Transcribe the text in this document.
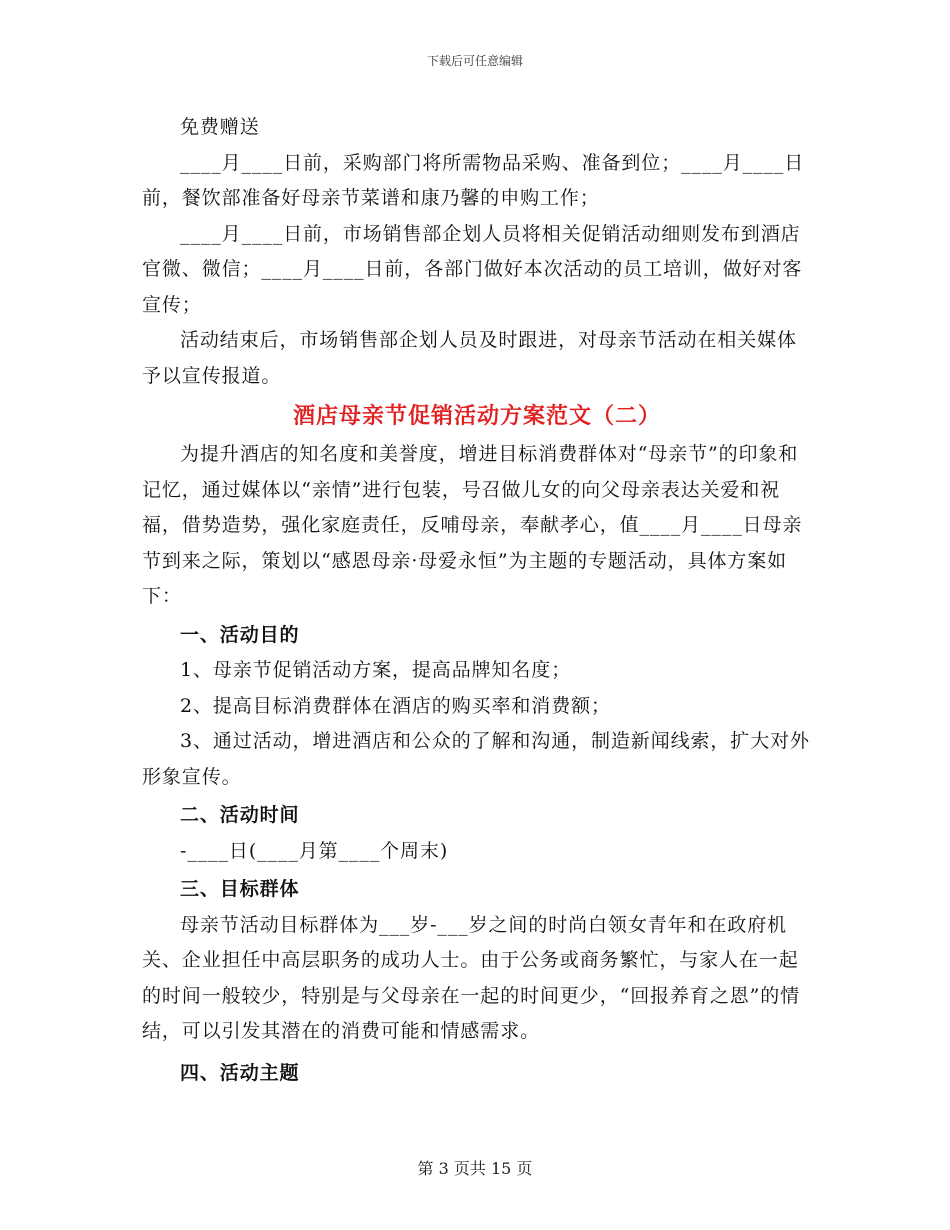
下载后可任意编辑

免费赠送

____月____日前，采购部门将所需物品采购、准备到位；____月____日前，餐饮部准备好母亲节菜谱和康乃馨的申购工作；

____月____日前，市场销售部企划人员将相关促销活动细则发布到酒店官微、微信；____月____日前，各部门做好本次活动的员工培训，做好对客宣传；

活动结束后，市场销售部企划人员及时跟进，对母亲节活动在相关媒体予以宣传报道。

酒店母亲节促销活动方案范文（二）

为提升酒店的知名度和美誉度，增进目标消费群体对“母亲节”的印象和记忆，通过媒体以“亲情”进行包装，号召做儿女的向父母亲表达关爱和祝福，借势造势，强化家庭责任，反哺母亲，奉献孝心，值____月____日母亲节到来之际，策划以“感恩母亲·母爱永恒”为主题的专题活动，具体方案如下：

一、活动目的

1、母亲节促销活动方案，提高品牌知名度；

2、提高目标消费群体在酒店的购买率和消费额；

3、通过活动，增进酒店和公众的了解和沟通，制造新闻线索，扩大对外形象宣传。

二、活动时间

-____日(____月第____个周末)

三、目标群体

母亲节活动目标群体为___岁-___岁之间的时尚白领女青年和在政府机关、企业担任中高层职务的成功人士。由于公务或商务繁忙，与家人在一起的时间一般较少，特别是与父母亲在一起的时间更少，“回报养育之恩”的情结，可以引发其潜在的消费可能和情感需求。

四、活动主题

第 3 页共 15 页
